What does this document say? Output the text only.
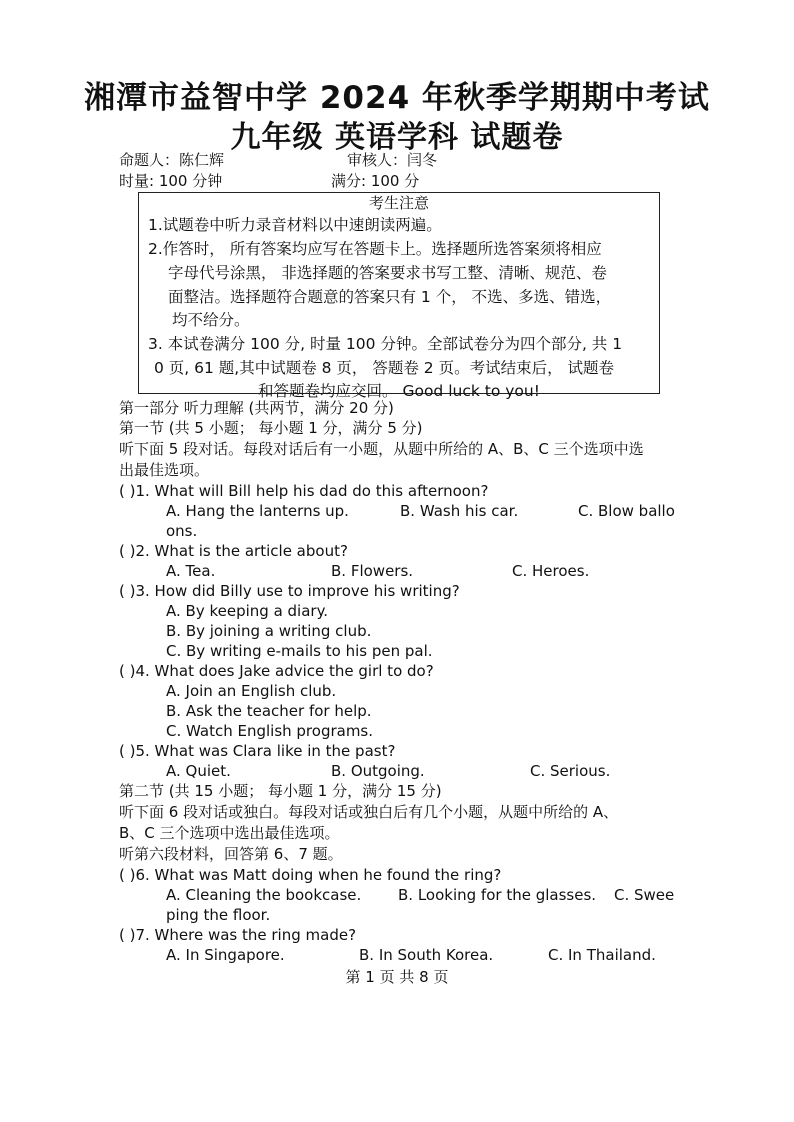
湘潭市益智中学 2024 年秋季学期期中考试
九年级 英语学科 试题卷
命题人：陈仁辉	审核人：闫冬
时量: 100 分钟	满分: 100 分
考生注意
1.试题卷中听力录音材料以中速朗读两遍。
2.作答时， 所有答案均应写在答题卡上。选择题所选答案须将相应
字母代号涂黑， 非选择题的答案要求书写工整、清晰、规范、卷
面整洁。选择题符合题意的答案只有 1 个， 不选、多选、错选，
均不给分。
3. 本试卷满分 100 分, 时量 100 分钟。全部试卷分为四个部分, 共 1
0 页, 61 题,其中试题卷 8 页， 答题卷 2 页。考试结束后， 试题卷
和答题卷均应交回。 Good luck to you!
第一部分 听力理解 (共两节，满分 20 分)
第一节 (共 5 小题； 每小题 1 分，满分 5 分)
听下面 5 段对话。每段对话后有一小题，从题中所给的 A、B、C 三个选项中选
出最佳选项。
( )1. What will Bill help his dad do this afternoon?
A. Hang the lanterns up.	B. Wash his car.	C. Blow ballo
ons.
( )2. What is the article about?
A. Tea.	B. Flowers.	C. Heroes.
( )3. How did Billy use to improve his writing?
A. By keeping a diary.
B. By joining a writing club.
C. By writing e-mails to his pen pal.
( )4. What does Jake advice the girl to do?
A. Join an English club.
B. Ask the teacher for help.
C. Watch English programs.
( )5. What was Clara like in the past?
A. Quiet.	B. Outgoing.	C. Serious.
第二节 (共 15 小题； 每小题 1 分，满分 15 分)
听下面 6 段对话或独白。每段对话或独白后有几个小题，从题中所给的 A、
B、C 三个选项中选出最佳选项。
听第六段材料，回答第 6、7 题。
( )6. What was Matt doing when he found the ring?
A. Cleaning the bookcase. B. Looking for the glasses. C. Swee
ping the floor.
( )7. Where was the ring made?
A. In Singapore.	B. In South Korea.	C. In Thailand.
第 1 页 共 8 页
